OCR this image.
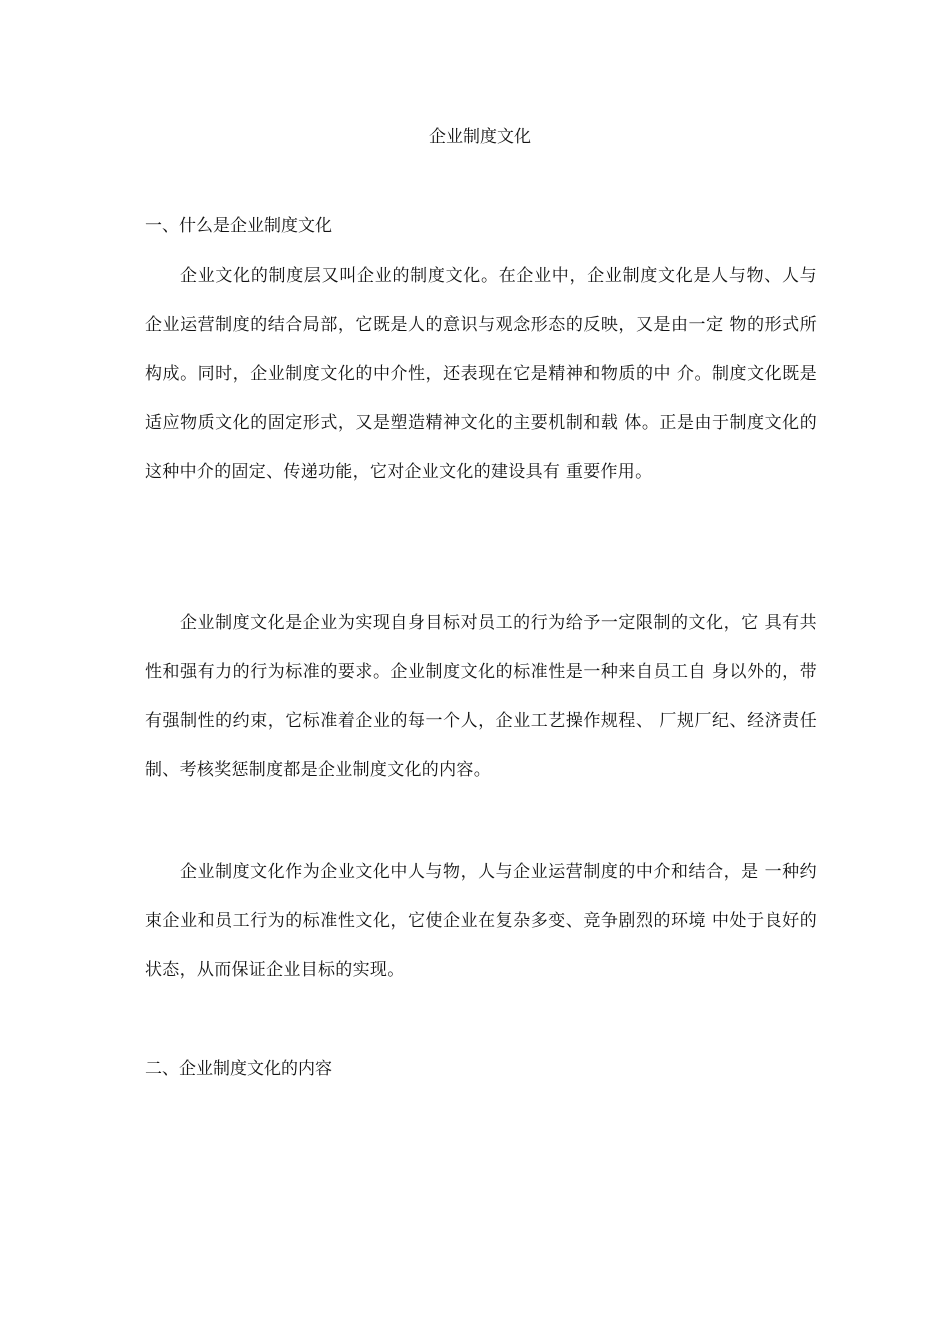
企业制度文化
一、什么是企业制度文化

企业文化的制度层又叫企业的制度文化。在企业中，企业制度文化是人与物、人与企业运营制度的结合局部，它既是人的意识与观念形态的反映，又是由一定 物的形式所构成。同时，企业制度文化的中介性，还表现在它是精神和物质的中 介。制度文化既是适应物质文化的固定形式，又是塑造精神文化的主要机制和载 体。正是由于制度文化的这种中介的固定、传递功能，它对企业文化的建设具有 重要作用。

企业制度文化是企业为实现自身目标对员工的行为给予一定限制的文化，它 具有共性和强有力的行为标准的要求。企业制度文化的标准性是一种来自员工自 身以外的，带有强制性的约束，它标准着企业的每一个人，企业工艺操作规程、 厂规厂纪、经济责任制、考核奖惩制度都是企业制度文化的内容。

企业制度文化作为企业文化中人与物，人与企业运营制度的中介和结合，是 一种约束企业和员工行为的标准性文化，它使企业在复杂多变、竞争剧烈的环境 中处于良好的状态，从而保证企业目标的实现。

二、企业制度文化的内容
